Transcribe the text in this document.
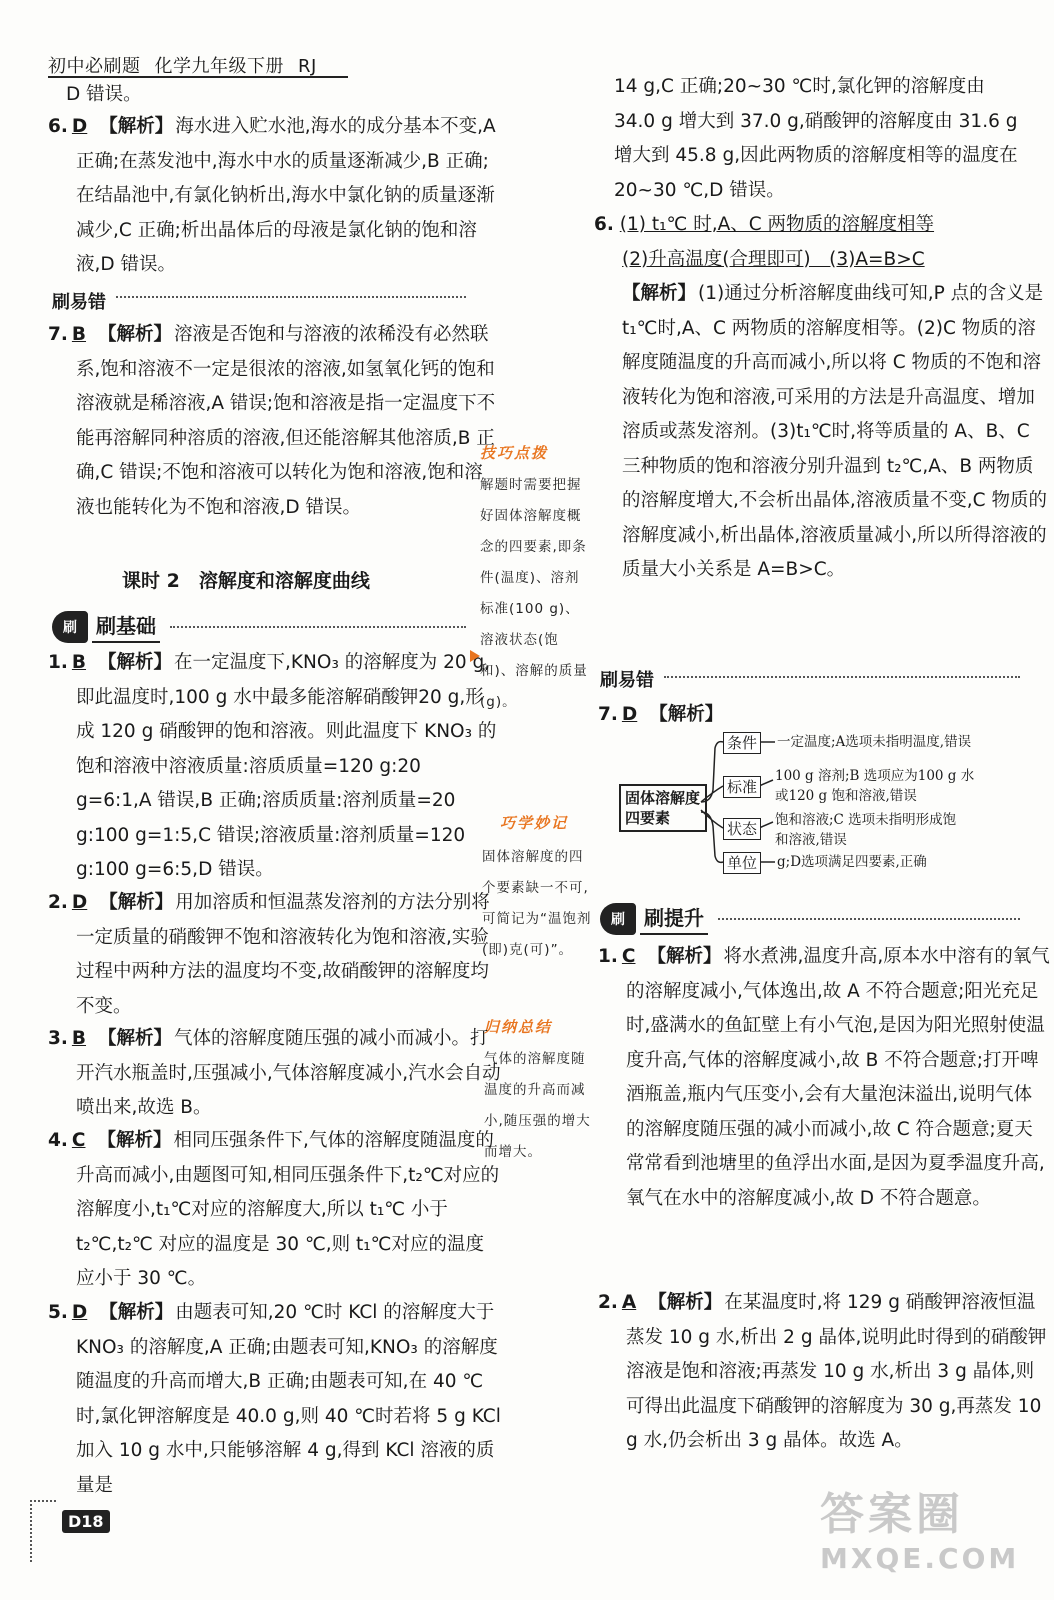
初中必刷题 化学九年级下册 RJ
D 错误。
6. D 【解析】 海水进入贮水池,海水的成分基本不变,A 正确;在蒸发池中,海水中水的质量逐渐减少,B 正确;在结晶池中,有氯化钠析出,海水中氯化钠的质量逐渐减少,C 正确;析出晶体后的母液是氯化钠的饱和溶液,D 错误。
刷易错
7. B 【解析】 溶液是否饱和与溶液的浓稀没有必然联系,饱和溶液不一定是很浓的溶液,如氢氧化钙的饱和溶液就是稀溶液,A 错误;饱和溶液是指一定温度下不能再溶解同种溶质的溶液,但还能溶解其他溶质,B 正确,C 错误;不饱和溶液可以转化为饱和溶液,饱和溶液也能转化为不饱和溶液,D 错误。
课时 2　溶解度和溶解度曲线
刷 刷基础
1. B 【解析】 在一定温度下,KNO₃ 的溶解度为 20 g,即此温度时,100 g 水中最多能溶解硝酸钾20 g,形成 120 g 硝酸钾的饱和溶液。则此温度下 KNO₃ 的饱和溶液中溶液质量:溶质质量=120 g:20 g=6:1,A 错误,B 正确;溶质质量:溶剂质量=20 g:100 g=1:5,C 错误;溶液质量:溶剂质量=120 g:100 g=6:5,D 错误。
2. D 【解析】 用加溶质和恒温蒸发溶剂的方法分别将一定质量的硝酸钾不饱和溶液转化为饱和溶液,实验过程中两种方法的温度均不变,故硝酸钾的溶解度均不变。
3. B 【解析】 气体的溶解度随压强的减小而减小。打开汽水瓶盖时,压强减小,气体溶解度减小,汽水会自动喷出来,故选 B。
4. C 【解析】 相同压强条件下,气体的溶解度随温度的升高而减小,由题图可知,相同压强条件下,t₂℃对应的溶解度小,t₁℃对应的溶解度大,所以 t₁℃ 小于 t₂℃,t₂℃ 对应的温度是 30 ℃,则 t₁℃对应的温度应小于 30 ℃。
5. D 【解析】 由题表可知,20 ℃时 KCl 的溶解度大于 KNO₃ 的溶解度,A 正确;由题表可知,KNO₃ 的溶解度随温度的升高而增大,B 正确;由题表可知,在 40 ℃时,氯化钾溶解度是 40.0 g,则 40 ℃时若将 5 g KCl 加入 10 g 水中,只能够溶解 4 g,得到 KCl 溶液的质量是
D18
技巧点拨
解题时需要把握好固体溶解度概念的四要素,即条件(温度)、溶剂标准(100 g)、溶液状态(饱和)、溶解的质量(g)。
巧学妙记
固体溶解度的四个要素缺一不可,可简记为“温饱剂(即)克(可)”。
归纳总结
气体的溶解度随温度的升高而减小,随压强的增大而增大。
14 g,C 正确;20~30 ℃时,氯化钾的溶解度由 34.0 g 增大到 37.0 g,硝酸钾的溶解度由 31.6 g 增大到 45.8 g,因此两物质的溶解度相等的温度在 20~30 ℃,D 错误。
6. (1) t₁℃ 时,A、C 两物质的溶解度相等
(2)升高温度(合理即可)　(3)A=B>C
【解析】 (1)通过分析溶解度曲线可知,P 点的含义是 t₁℃时,A、C 两物质的溶解度相等。(2)C 物质的溶解度随温度的升高而减小,所以将 C 物质的不饱和溶液转化为饱和溶液,可采用的方法是升高温度、增加溶质或蒸发溶剂。(3)t₁℃时,将等质量的 A、B、C 三种物质的饱和溶液分别升温到 t₂℃,A、B 两物质的溶解度增大,不会析出晶体,溶液质量不变,C 物质的溶解度减小,析出晶体,溶液质量减小,所以所得溶液的质量大小关系是 A=B>C。
刷易错
7. D 【解析】
固体溶解度四要素
条件 一定温度;A选项未指明温度,错误
标准
100 g 溶剂;B 选项应为100 g 水
或120 g 饱和溶液,错误
状态 饱和溶液;C 选项未指明形成饱
和溶液,错误
单位 g;D选项满足四要素,正确
刷 刷提升
1. C 【解析】 将水煮沸,温度升高,原本水中溶有的氧气的溶解度减小,气体逸出,故 A 不符合题意;阳光充足时,盛满水的鱼缸壁上有小气泡,是因为阳光照射使温度升高,气体的溶解度减小,故 B 不符合题意;打开啤酒瓶盖,瓶内气压变小,会有大量泡沫溢出,说明气体的溶解度随压强的减小而减小,故 C 符合题意;夏天常常看到池塘里的鱼浮出水面,是因为夏季温度升高,氧气在水中的溶解度减小,故 D 不符合题意。
2. A 【解析】 在某温度时,将 129 g 硝酸钾溶液恒温蒸发 10 g 水,析出 2 g 晶体,说明此时得到的硝酸钾溶液是饱和溶液;再蒸发 10 g 水,析出 3 g 晶体,则可得出此温度下硝酸钾的溶解度为 30 g,再蒸发 10 g 水,仍会析出 3 g 晶体。故选 A。
答案圈
MXQE.COM
